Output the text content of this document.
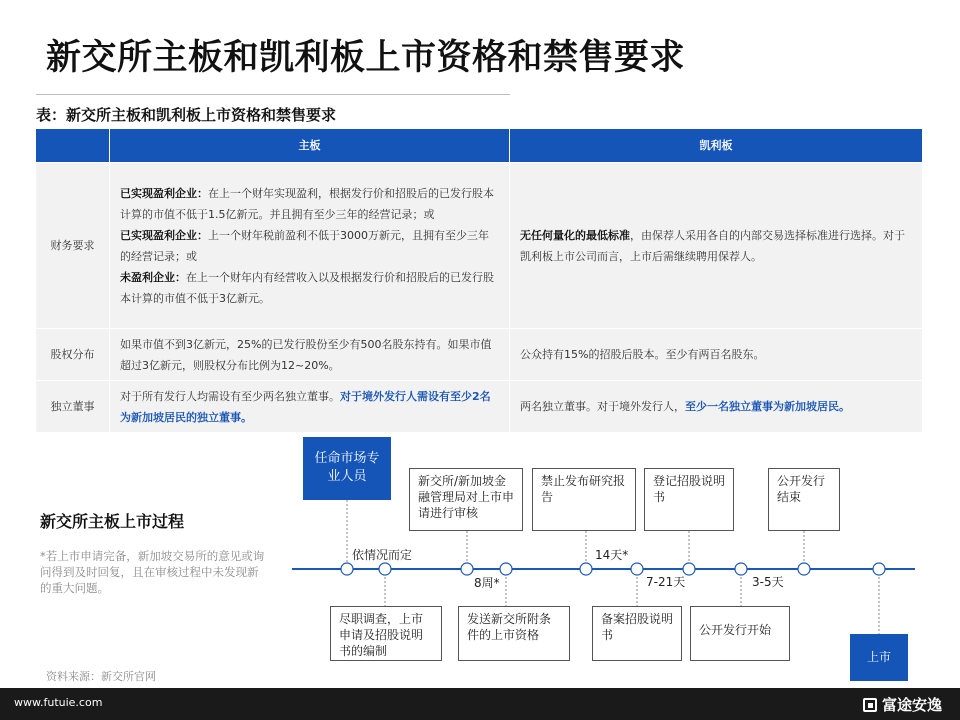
新交所主板和凯利板上市资格和禁售要求
表：新交所主板和凯利板上市资格和禁售要求
	主板	凯利板
财务要求	已实现盈利企业：在上一个财年实现盈利，根据发行价和招股后的已发行股本计算的市值不低于1.5亿新元。并且拥有至少三年的经营记录；或
已实现盈利企业：上一个财年税前盈利不低于3000万新元，且拥有至少三年的经营记录；或
未盈利企业：在上一个财年内有经营收入以及根据发行价和招股后的已发行股本计算的市值不低于3亿新元。	无任何量化的最低标准，由保荐人采用各自的内部交易选择标准进行选择。对于凯利板上市公司而言，上市后需继续聘用保荐人。
股权分布	如果市值不到3亿新元，25%的已发行股份至少有500名股东持有。如果市值超过3亿新元，则股权分布比例为12~20%。	公众持有15%的招股后股本。至少有两百名股东。
独立董事	对于所有发行人均需设有至少两名独立董事。对于境外发行人需设有至少2名为新加坡居民的独立董事。	两名独立董事。对于境外发行人，至少一名独立董事为新加坡居民。
新交所主板上市过程
*若上市申请完备，新加坡交易所的意见或询问得到及时回复，且在审核过程中未发现新的重大问题。
任命市场专业人员	新交所/新加坡金融管理局对上市申请进行审核
禁止发布研究报告
登记招股说明书
公开发行结束
尽职调查，上市申请及招股说明书的编制
发送新交所附条件的上市资格
备案招股说明书	公开发行开始
上市
依情况而定
8周*
14天*
7-21天	3-5天
资料来源：新交所官网
www.futuie.com	富途安逸
